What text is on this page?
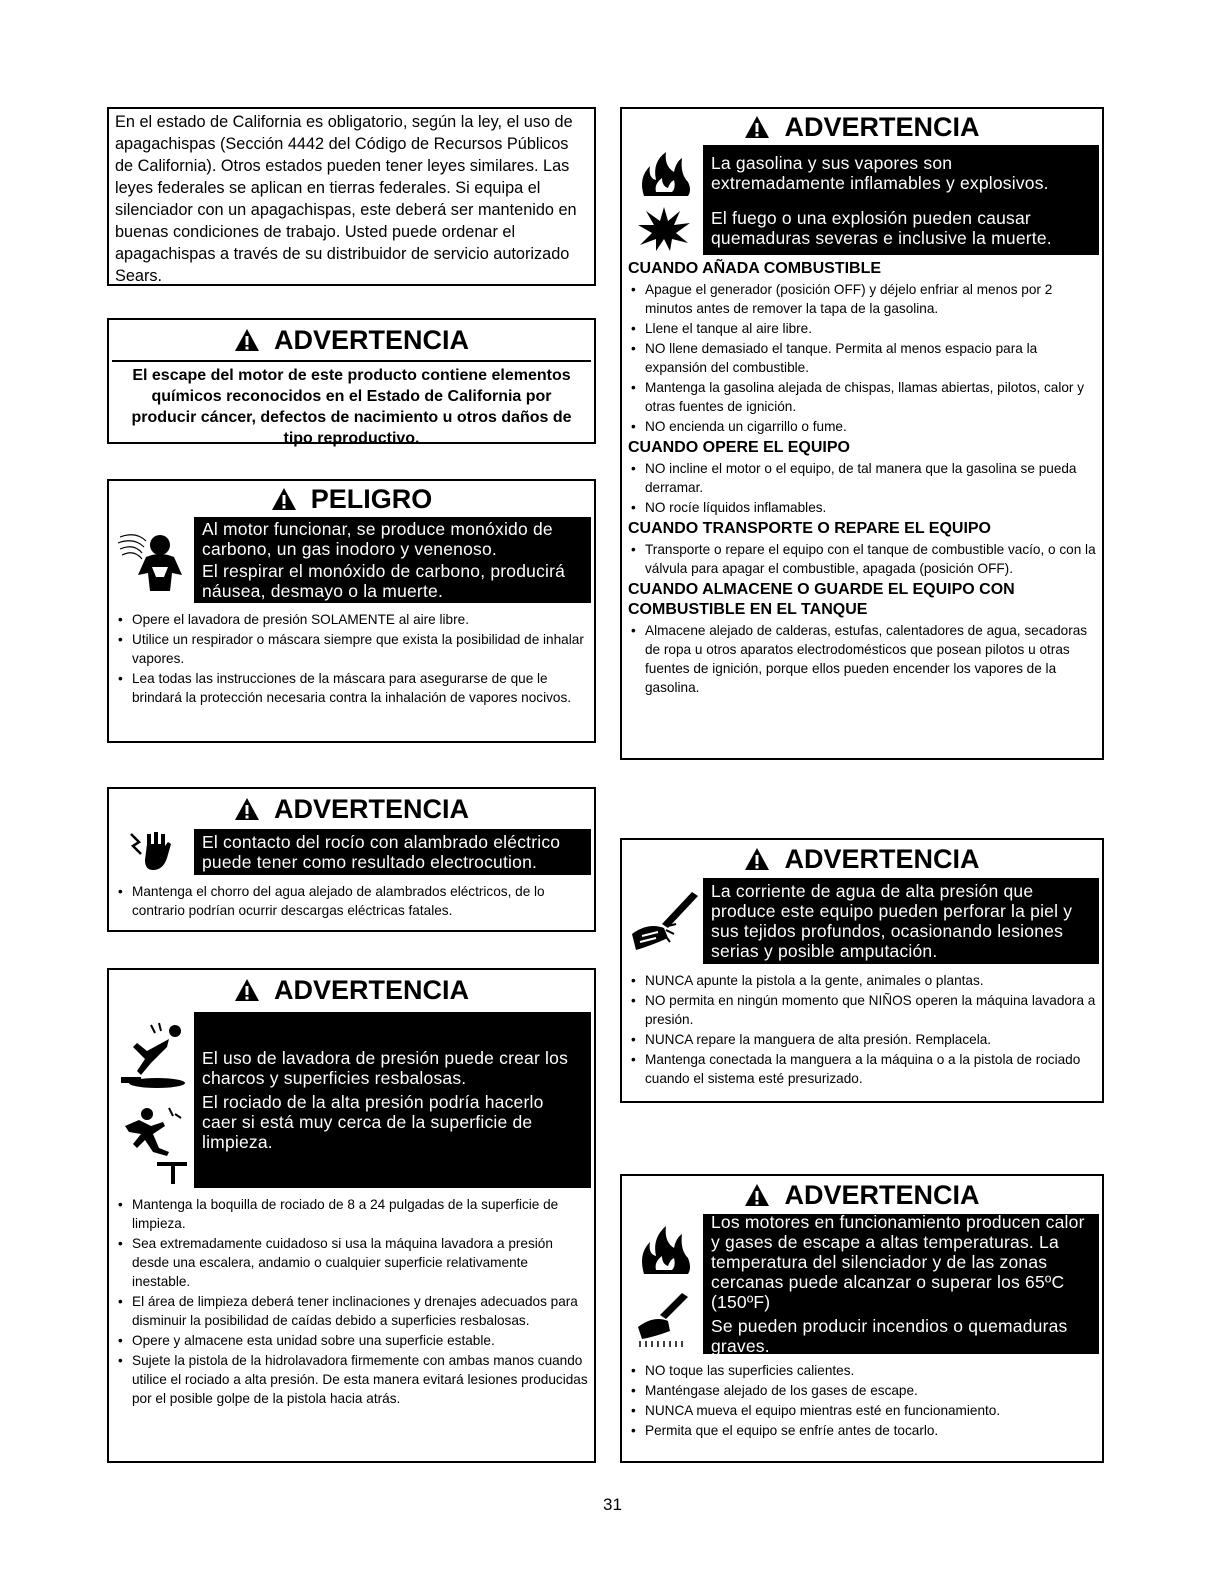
En el estado de California es obligatorio, según la ley, el uso de apagachispas (Sección 4442 del Código de Recursos Públicos de California). Otros estados pueden tener leyes similares. Las leyes federales se aplican en tierras federales. Si equipa el silenciador con un apagachispas, este deberá ser mantenido en buenas condiciones de trabajo. Usted puede ordenar el apagachispas a través de su distribuidor de servicio autorizado Sears.
ADVERTENCIA
El escape del motor de este producto contiene elementos químicos reconocidos en el Estado de California por producir cáncer, defectos de nacimiento u otros daños de tipo reproductivo.
PELIGRO
Al motor funcionar, se produce monóxido de carbono, un gas inodoro y venenoso.
El respirar el monóxido de carbono, producirá náusea, desmayo o la muerte.
• Opere el lavadora de presión SOLAMENTE al aire libre.
• Utilice un respirador o máscara siempre que exista la posibilidad de inhalar vapores.
• Lea todas las instrucciones de la máscara para asegurarse de que le brindará la protección necesaria contra la inhalación de vapores nocivos.
ADVERTENCIA
El contacto del rocío con alambrado eléctrico puede tener como resultado electrocution.
• Mantenga el chorro del agua alejado de alambrados eléctricos, de lo contrario podrían ocurrir descargas eléctricas fatales.
ADVERTENCIA
El uso de lavadora de presión puede crear los charcos y superficies resbalosas.
El rociado de la alta presión podría hacerlo caer si está muy cerca de la superficie de limpieza.
• Mantenga la boquilla de rociado de 8 a 24 pulgadas de la superficie de limpieza.
• Sea extremadamente cuidadoso si usa la máquina lavadora a presión desde una escalera, andamio o cualquier superficie relativamente inestable.
• El área de limpieza deberá tener inclinaciones y drenajes adecuados para disminuir la posibilidad de caídas debido a superficies resbalosas.
• Opere y almacene esta unidad sobre una superficie estable.
• Sujete la pistola de la hidrolavadora firmemente con ambas manos cuando utilice el rociado a alta presión. De esta manera evitará lesiones producidas por el posible golpe de la pistola hacia atrás.
ADVERTENCIA
La gasolina y sus vapores son extremadamente inflamables y explosivos.
El fuego o una explosión pueden causar quemaduras severas e inclusive la muerte.
CUANDO AÑADA COMBUSTIBLE
• Apague el generador (posición OFF) y déjelo enfriar al menos por 2 minutos antes de remover la tapa de la gasolina.
• Llene el tanque al aire libre.
• NO llene demasiado el tanque. Permita al menos espacio para la expansión del combustible.
• Mantenga la gasolina alejada de chispas, llamas abiertas, pilotos, calor y otras fuentes de ignición.
• NO encienda un cigarrillo o fume.
CUANDO OPERE EL EQUIPO
• NO incline el motor o el equipo, de tal manera que la gasolina se pueda derramar.
• NO rocíe líquidos inflamables.
CUANDO TRANSPORTE O REPARE EL EQUIPO
• Transporte o repare el equipo con el tanque de combustible vacío, o con la válvula para apagar el combustible, apagada (posición OFF).
CUANDO ALMACENE O GUARDE EL EQUIPO CON COMBUSTIBLE EN EL TANQUE
• Almacene alejado de calderas, estufas, calentadores de agua, secadoras de ropa u otros aparatos electrodomésticos que posean pilotos u otras fuentes de ignición, porque ellos pueden encender los vapores de la gasolina.
ADVERTENCIA
La corriente de agua de alta presión que produce este equipo pueden perforar la piel y sus tejidos profundos, ocasionando lesiones serias y posible amputación.
• NUNCA apunte la pistola a la gente, animales o plantas.
• NO permita en ningún momento que NIÑOS operen la máquina lavadora a presión.
• NUNCA repare la manguera de alta presión. Remplacela.
• Mantenga conectada la manguera a la máquina o a la pistola de rociado cuando el sistema esté presurizado.
ADVERTENCIA
Los motores en funcionamiento producen calor y gases de escape a altas temperaturas. La temperatura del silenciador y de las zonas cercanas puede alcanzar o superar los 65ºC (150ºF)
Se pueden producir incendios o quemaduras graves.
• NO toque las superficies calientes.
• Manténgase alejado de los gases de escape.
• NUNCA mueva el equipo mientras esté en funcionamiento.
• Permita que el equipo se enfríe antes de tocarlo.
31
